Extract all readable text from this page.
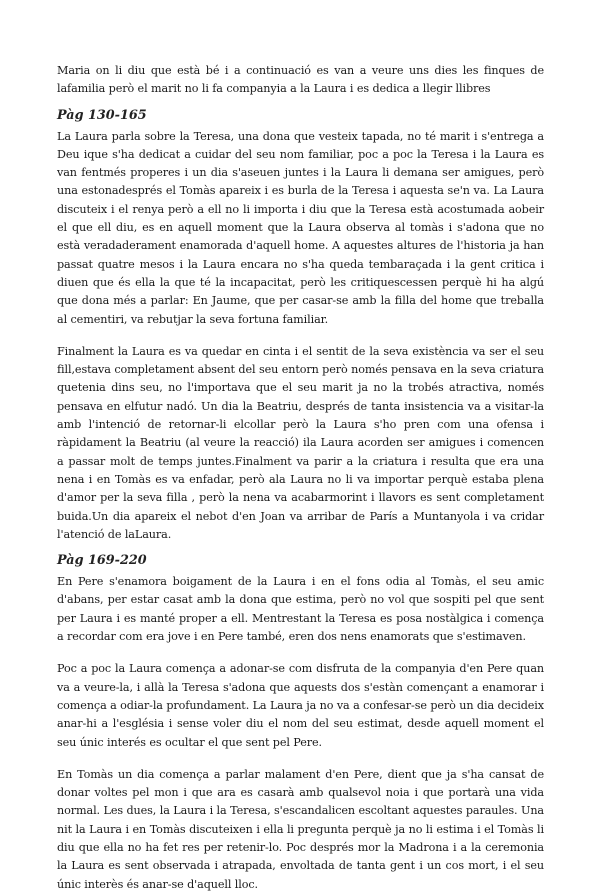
Maria on li diu que està bé i a continuació es van a veure uns dies les finques de lafamilia però el marit no li fa companyia a la Laura i es dedica a llegir llibres

Pàg 130-165

La Laura parla sobre la Teresa, una dona que vesteix tapada, no té marit i s'entrega a Deu ique s'ha dedicat a cuidar del seu nom familiar, poc a poc la Teresa i la Laura es van fentmés properes i un dia s'aseuen juntes i la Laura li demana ser amigues, però una estonadesprés el Tomàs apareix i es burla de la Teresa i aquesta se'n va. La Laura discuteix i el renya però a ell no li importa i diu que la Teresa està acostumada aobeir el que ell diu, es en aquell moment que la Laura observa al tomàs i s'adona que no està veradaderament enamorada d'aquell home. A aquestes altures de l'historia ja han passat quatre mesos i la Laura encara no s'ha queda tembaraçada i la gent critica i diuen que és ella la que té la incapacitat, però les critiquescessen perquè hi ha algú que dona més a parlar: En Jaume, que per casar-se amb la filla del home que treballa al cementiri, va rebutjar la seva fortuna familiar.

Finalment la Laura es va quedar en cinta i el sentit de la seva existència va ser el seu fill,estava completament absent del seu entorn però només pensava en la seva criatura quetenia dins seu, no l'importava que el seu marit ja no la trobés atractiva, només pensava en elfutur nadó. Un dia la Beatriu, després de tanta insistencia va a visitar-la amb l'intenció de retornar-li elcollar però la Laura s'ho pren com una ofensa i ràpidament la Beatriu (al veure la reacció) ila Laura acorden ser amigues i comencen a passar molt de temps juntes.Finalment va parir a la criatura i resulta que era una nena i en Tomàs es va enfadar, però ala Laura no li va importar perquè estaba plena d'amor per la seva filla , però la nena va acabarmorint i llavors es sent completament buida.Un dia apareix el nebot d'en Joan va arribar de París a Muntanyola i va cridar l'atenció de laLaura.

Pàg 169-220

En Pere s'enamora boigament de la Laura i en el fons odia al Tomàs, el seu amic d'abans, per estar casat amb la dona que estima, però no vol que sospiti pel que sent per Laura i es manté proper a ell. Mentrestant la Teresa es posa nostàlgica i comença a recordar com era jove i en Pere també, eren dos nens enamorats que s'estimaven.

Poc a poc la Laura comença a adonar-se com disfruta de la companyia d'en Pere quan va a veure-la, i allà la Teresa s'adona que aquests dos s'estàn començant a enamorar i comença a odiar-la profundament. La Laura ja no va a confesar-se però un dia decideix anar-hi a l'església i sense voler diu el nom del seu estimat, desde aquell moment el seu únic interés es ocultar el que sent pel Pere.

En Tomàs un dia comença a parlar malament d'en Pere, dient que ja s'ha cansat de donar voltes pel mon i que ara es casarà amb qualsevol noia i que portarà una vida normal. Les dues, la Laura i la Teresa, s'escandalicen escoltant aquestes paraules. Una nit la Laura i en Tomàs discuteixen i ella li pregunta perquè ja no li estima i el Tomàs li diu que ella no ha fet res per retenir-lo. Poc després mor la Madrona i a la ceremonia la Laura es sent observada i atrapada, envoltada de tanta gent i un cos mort, i el seu únic interès és anar-se d'aquell lloc.
